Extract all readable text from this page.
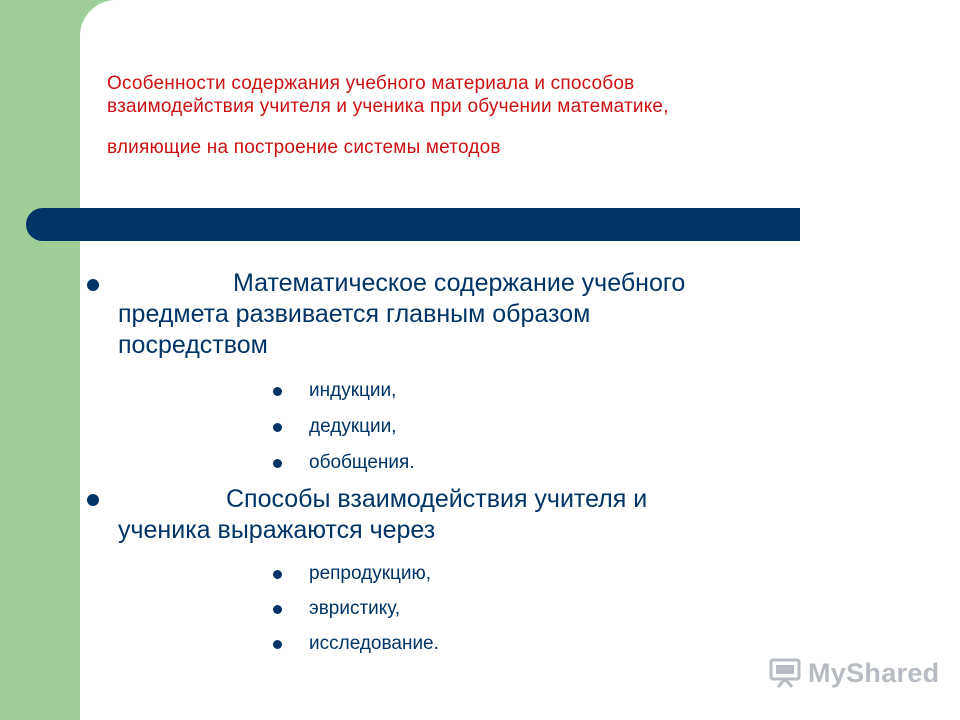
Особенности содержания учебного материала и способов
взаимодействия учителя и ученика при обучении математике,
влияющие на построение системы методов
Математическое содержание учебного
предмета развивается главным образом
посредством
индукции,
дедукции,
обобщения.
Способы взаимодействия учителя и
ученика выражаются через
репродукцию,
эвристику,
исследование.
MyShared
